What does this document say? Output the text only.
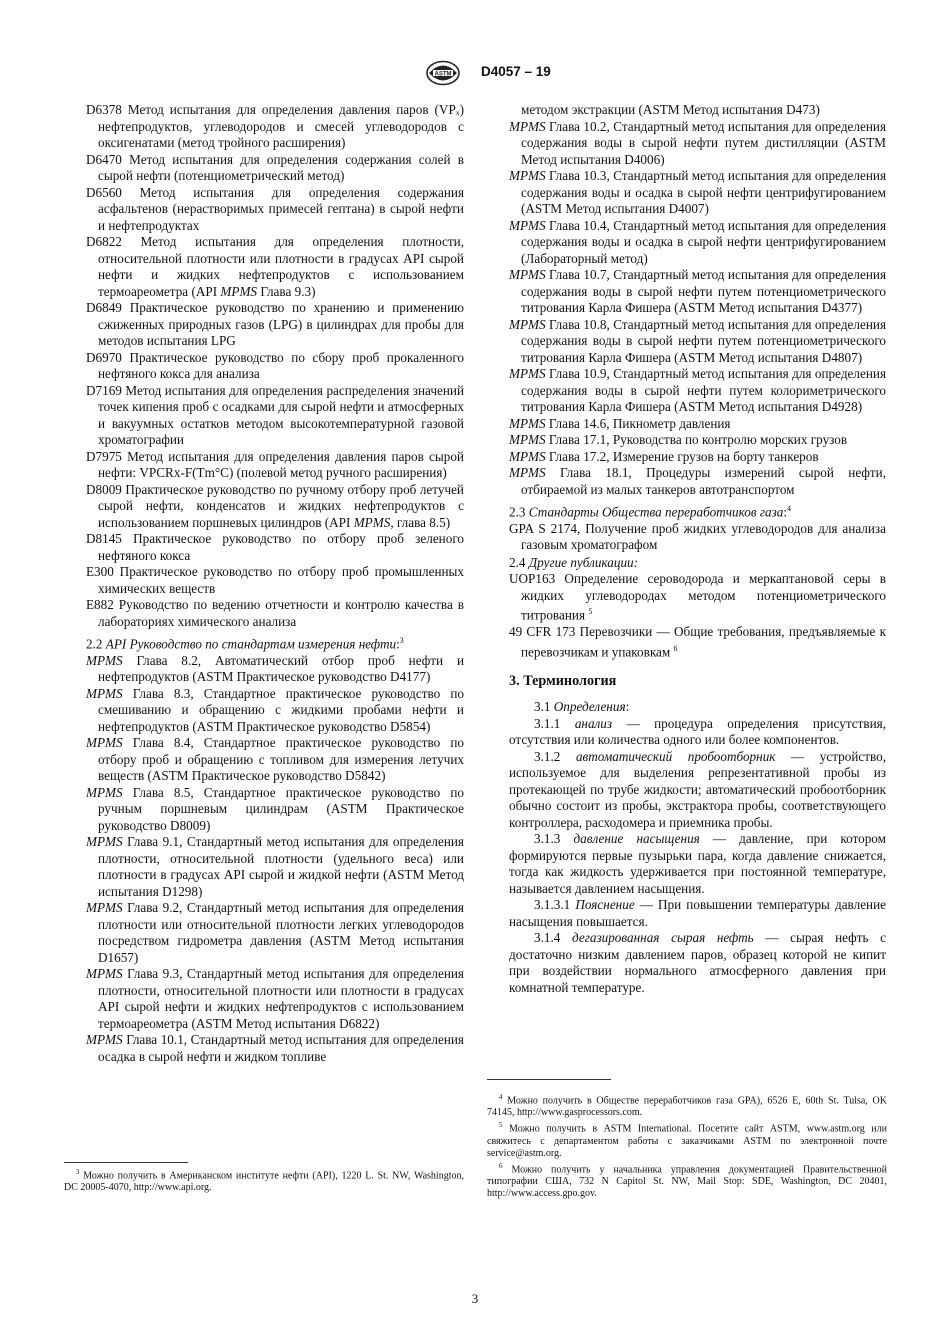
ASTM D4057 – 19

D6378 Метод испытания для определения давления паров (VPₓ) нефтепродуктов, углеводородов и смесей углеводородов с оксигенатами (метод тройного расширения)

D6470 Метод испытания для определения содержания солей в сырой нефти (потенциометрический метод)

D6560 Метод испытания для определения содержания асфальтенов (нерастворимых примесей гептана) в сырой нефти и нефтепродуктах

D6822 Метод испытания для определения плотности, относительной плотности или плотности в градусах API сырой нефти и жидких нефтепродуктов с использованием термоареометра (API MPMS Глава 9.3)

D6849 Практическое руководство по хранению и применению сжиженных природных газов (LPG) в цилиндрах для пробы для методов испытания LPG

D6970 Практическое руководство по сбору проб прокаленного нефтяного кокса для анализа

D7169 Метод испытания для определения распределения значений точек кипения проб с осадками для сырой нефти и атмосферных и вакуумных остатков методом высокотемпературной газовой хроматографии

D7975 Метод испытания для определения давления паров сырой нефти: VPCRx-F(Tm°C) (полевой метод ручного расширения)

D8009 Практическое руководство по ручному отбору проб летучей сырой нефти, конденсатов и жидких нефтепродуктов с использованием поршневых цилиндров (API MPMS, глава 8.5)

D8145 Практическое руководство по отбору проб зеленого нефтяного кокса

E300 Практическое руководство по отбору проб промышленных химических веществ

E882 Руководство по ведению отчетности и контролю качества в лабораториях химического анализа

2.2 API Руководство по стандартам измерения нефти:$^3$

MPMS Глава 8.2, Автоматический отбор проб нефти и нефтепродуктов (ASTM Практическое руководство D4177)

MPMS Глава 8.3, Стандартное практическое руководство по смешиванию и обращению с жидкими пробами нефти и нефтепродуктов (ASTM Практическое руководство D5854)

MPMS Глава 8.4, Стандартное практическое руководство по отбору проб и обращению с топливом для измерения летучих веществ (ASTM Практическое руководство D5842)

MPMS Глава 8.5, Стандартное практическое руководство по ручным поршневым цилиндрам (ASTM Практическое руководство D8009)

MPMS Глава 9.1, Стандартный метод испытания для определения плотности, относительной плотности (удельного веса) или плотности в градусах API сырой и жидкой нефти (ASTM Метод испытания D1298)

MPMS Глава 9.2, Стандартный метод испытания для определения плотности или относительной плотности легких углеводородов посредством гидрометра давления (ASTM Метод испытания D1657)

MPMS Глава 9.3, Стандартный метод испытания для определения плотности, относительной плотности или плотности в градусах API сырой нефти и жидких нефтепродуктов с использованием термоареометра (ASTM Метод испытания D6822)

MPMS Глава 10.1, Стандартный метод испытания для определения осадка в сырой нефти и жидком топливе

методом экстракции (ASTM Метод испытания D473)

MPMS Глава 10.2, Стандартный метод испытания для определения содержания воды в сырой нефти путем дистилляции (ASTM Метод испытания D4006)

MPMS Глава 10.3, Стандартный метод испытания для определения содержания воды и осадка в сырой нефти центрифугированием (ASTM Метод испытания D4007)

MPMS Глава 10.4, Стандартный метод испытания для определения содержания воды и осадка в сырой нефти центрифугированием (Лабораторный метод)

MPMS Глава 10.7, Стандартный метод испытания для определения содержания воды в сырой нефти путем потенциометрического титрования Карла Фишера (ASTM Метод испытания D4377)

MPMS Глава 10.8, Стандартный метод испытания для определения содержания воды в сырой нефти путем потенциометрического титрования Карла Фишера (ASTM Метод испытания D4807)

MPMS Глава 10.9, Стандартный метод испытания для определения содержания воды в сырой нефти путем колориметрического титрования Карла Фишера (ASTM Метод испытания D4928)

MPMS Глава 14.6, Пикнометр давления

MPMS Глава 17.1, Руководства по контролю морских грузов

MPMS Глава 17.2, Измерение грузов на борту танкеров

MPMS Глава 18.1, Процедуры измерений сырой нефти, отбираемой из малых танкеров автотранспортом

2.3 Стандарты Общества переработчиков газа:$^4$

GPA S 2174, Получение проб жидких углеводородов для анализа газовым хроматографом

2.4 Другие публикации:

UOP163 Определение сероводорода и меркаптановой серы в жидких углеводородах методом потенциометрического титрования $^5$

49 CFR 173 Перевозчики — Общие требования, предъявляемые к перевозчикам и упаковкам $^6$

3. Терминология

3.1 Определения:

3.1.1 анализ — процедура определения присутствия, отсутствия или количества одного или более компонентов.

3.1.2 автоматический пробоотборник — устройство, используемое для выделения репрезентативной пробы из протекающей по трубе жидкости; автоматический пробоотборник обычно состоит из пробы, экстрактора пробы, соответствующего контроллера, расходомера и приемника пробы.

3.1.3 давление насыщения — давление, при котором формируются первые пузырьки пара, когда давление снижается, тогда как жидкость удерживается при постоянной температуре, называется давлением насыщения.

3.1.3.1 Пояснение — При повышении температуры давление насыщения повышается.

3.1.4 дегазированная сырая нефть — сырая нефть с достаточно низким давлением паров, образец которой не кипит при воздействии нормального атмосферного давления при комнатной температуре.

$^3$ Можно получить в Американском институте нефти (API), 1220 L. St. NW, Washington, DC 20005-4070, http://www.api.org.

$^4$ Можно получить в Обществе переработчиков газа GPA), 6526 E, 60th St. Tulsa, OK 74145, http://www.gasprocessors.com.

$^5$ Можно получить в ASTM International. Посетите сайт ASTM, www.astm.org или свяжитесь с департаментом работы с заказчиками ASTM по электронной почте service@astm.org.

$^6$ Можно получить у начальника управления документацией Правительственной типографии США, 732 N Capitol St. NW, Mail Stop: SDE, Washington, DC 20401, http://www.access.gpo.gov.

3
